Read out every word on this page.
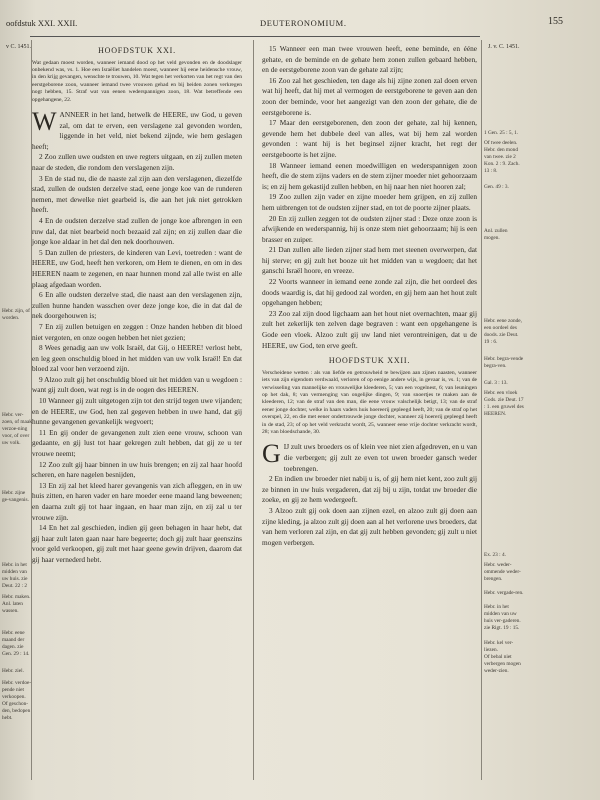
oofdstuk XXI. XXII.	DEUTERONOMIUM.	155
v C. 1451.	J. v. C. 1451.
Hebr. zijn, of worden.
Hebr. ver-zoen, of maak verzoe-ning voor, of over uw volk.
Hebr. zijne ge-vangenis.
Hebr. in het midden van uw huis. zie Deut. 22 : 2
Hebr. maken. Anl. laten wassen.
Hebr. eene maand der dagen. zie Gen. 29 : 14.
Hebr. ziel.
Hebr. verdoe-pende niet verkoopen. Of geschon-den, bedopen hebt.
1 Gen. 25 : 5, 1.
Of twee deelen. Hebr. den mond van twee. zie 2 Kon. 2 : 9. Zach. 13 : 8.
Gen. 49 : 3.
Anl. zullen mogen.
Hebr. eene zonde, een oordeel des doods. zie Deut. 19 : 6.
Hebr. begra-vende begra-ven.
Gal. 3 : 13.
Hebr. een vloek Gods. zie Deut. 17 : 1. een gruwel des HEEREN.
Ex. 23 : 4.
Hebr. weder-ommende weder-brengen.
Hebr. vergade-ren.
Hebr. in het midden van uw huis ver-gaderen. zie Rigt. 19 : 15.
Hebr. kel ver-liezen.
Of bebal niet verbergen mogen weder-zien.
HOOFDSTUK XXI.
Wat gedaan moest worden, wanneer iemand dood op het veld gevonden en de doodslager onbekend was, vs. 1. Hoe een Israëliet handelen moest, wanneer hij eene heidensche vrouw, in den krijg gevangen, wenschte te trouwen, 10. Wat tegen het verkorten van het regt van den eerstgeborene zoon, wanneer iemand twee vrouwen gehad en bij beiden zonen verkregen nogt hebben, 15. Straf wat van eenen wederspannigen zoon, 18. Wat betreffende een opgehangene, 22.

WANNEER in het land, hetwelk de HEERE, uw God, u geven zal, om dat te erven, een verslagene zal gevonden worden, liggende in het veld, niet bekend zijnde, wie hem geslagen heeft;

2 Zoo zullen uwe oudsten en uwe regters uitgaan, en zij zullen meten naar de steden, die rondom den verslagenen zijn.

3 En de stad nu, die de naaste zal zijn aan den verslagenen, diezelfde stad, zullen de oudsten derzelve stad, eene jonge koe van de runderen nemen, met dewelke niet gearbeid is, die aan het juk niet getrokken heeft.

4 En de oudsten derzelve stad zullen de jonge koe afbrengen in een ruw dal, dat niet bearbeid noch bezaaid zal zijn; en zij zullen daar die jonge koe aldaar in het dal den nek doorhouwen.

5 Dan zullen de priesters, de kinderen van Levi, toetreden : want de HEERE, uw God, heeft hen verkoren, om Hem te dienen, en om in des HEEREN naam te zegenen, en naar hunnen mond zal alle twist en alle plaag afgedaan worden.

6 En alle oudsten derzelve stad, die naast aan den verslagenen zijn, zullen hunne handen wasschen over deze jonge koe, die in dat dal de nek doorgehouwen is;

7 En zij zullen betuigen en zeggen : Onze handen hebben dit bloed niet vergoten, en onze oogen hebben het niet gezien;

8 Wees genadig aan uw volk Israël, dat Gij, o HEERE! verlost hebt, en leg geen onschuldig bloed in het midden van uw volk Israël! En dat bloed zal voor hen verzoend zijn.

9 Alzoo zult gij het onschuldig bloed uit het midden van u wegdoen : want gij zult doen, wat regt is in de oogen des HEEREN.

10 Wanneer gij zult uitgetogen zijn tot den strijd tegen uwe vijanden; en de HEERE, uw God, hen zal gegeven hebben in uwe hand, dat gij hunne gevangenen gevankelijk wegvoert;

11 En gij onder de gevangenen zult zien eene vrouw, schoon van gedaante, en gij lust tot haar gekregen zult hebben, dat gij ze u ter vrouwe neemt;

12 Zoo zult gij haar binnen in uw huis brengen; en zij zal haar hoofd scheren, en hare nagelen besnijden,

13 En zij zal het kleed harer gevangenis van zich afleggen, en in uw huis zitten, en haren vader en hare moeder eene maand lang beweenen; en daarna zult gij tot haar ingaan, en haar man zijn, en zij zal u ter vrouwe zijn.

14 En het zal geschieden, indien gij geen behagen in haar hebt, dat gij haar zult laten gaan naar hare begeerte; doch gij zult haar geenszins voor geld verkoopen, gij zult met haar geene gewin drijven, daarom dat gij haar vernederd hebt.

15 Wanneer een man twee vrouwen heeft, eene beminde, en ééne gehate, en de beminde en de gehate hem zonen zullen gebaard hebben, en de eerstgeborene zoon van de gehate zal zijn;

16 Zoo zal het geschieden, ten dage als hij zijne zonen zal doen erven wat hij heeft, dat hij met al vermogen de eerstgeborene te geven aan den zoon der beminde, voor het aangezigt van den zoon der gehate, die de eerstgeborene is.

17 Maar den eerstgeborenen, den zoon der gehate, zal hij kennen, gevende hem het dubbele deel van alles, wat bij hem zal worden gevonden : want hij is het beginsel zijner kracht, het regt der eerstgeboorte is het zijne.

18 Wanneer iemand eenen moedwilligen en wederspannigen zoon heeft, die de stem zijns vaders en de stem zijner moeder niet gehoorzaam is; en zij hem gekastijd zullen hebben, en hij naar hen niet hooren zal;

19 Zoo zullen zijn vader en zijne moeder hem grijpen, en zij zullen hem uitbrengen tot de oudsten zijner stad, en tot de poorte zijner plaats.

20 En zij zullen zeggen tot de oudsten zijner stad : Deze onze zoon is afwijkende en wederspannig, hij is onze stem niet gehoorzaam; hij is een brasser en zuiper.

21 Dan zullen alle lieden zijner stad hem met steenen overwerpen, dat hij sterve; en gij zult het booze uit het midden van u wegdoen; dat het ganschi Israël hoore, en vreeze.

22 Voorts wanneer in iemand eene zonde zal zijn, die het oordeel des doods waardig is, dat hij gedood zal worden, en gij hem aan het hout zult opgehangen hebben;

23 Zoo zal zijn dood ligchaam aan het hout niet overnachten, maar gij zult het zekerlijk ten zelven dage begraven : want een opgehangene is Gode een vloek. Alzoo zult gij uw land niet verontreinigen, dat u de HEERE, uw God, ten erve geeft.

HOOFDSTUK XXII.
Verscheidene wetten : als van liefde en getrouwheid te bewijzen aan zijnen naasten, wanneer iets van zijn eigendom verdwaald, verloren of op eenige andere wijs, in gevaar is, vs. 1; van de verwisseling van mannelijke en vrouwelijke kleederen, 5; van een vogelnest, 6; van leuningen op het dak, 8; van vermenging van ongelijke dingen, 9; van snoertjes te maken aan de kleederen, 12; van de straf van den man, die eene vrouw valschelijk betigt, 13; van de straf eener jonge dochter, welke in haars vaders huis hoereerij gepleegd heeft, 20; van de straf op het overspel, 22, en die met eener ondertrouwde jonge dochter, wanneer zij hoererij gepleegd heeft in de stad, 23; of op het veld verkracht wordt, 25, wanneer eene vrije dochter verkracht wordt, 28; van bloedschande, 30.

GIJ zult uws broeders os of klein vee niet zien afgedreven, en u van die verbergen; gij zult ze even tot uwen broeder gansch weder toebrengen.

2 En indien uw broeder niet nabij u is, of gij hem niet kent, zoo zult gij ze binnen in uw huis vergaderen, dat zij bij u zijn, totdat uw broeder die zoeke, en gij ze hem wedergeeft.

3 Alzoo zult gij ook doen aan zijnen ezel, en alzoo zult gij doen aan zijne kleding, ja alzoo zult gij doen aan al het verlorene uws broeders, dat van hem verloren zal zijn, en dat gij zult hebben gevonden; gij zult u niet mogen verbergen.
